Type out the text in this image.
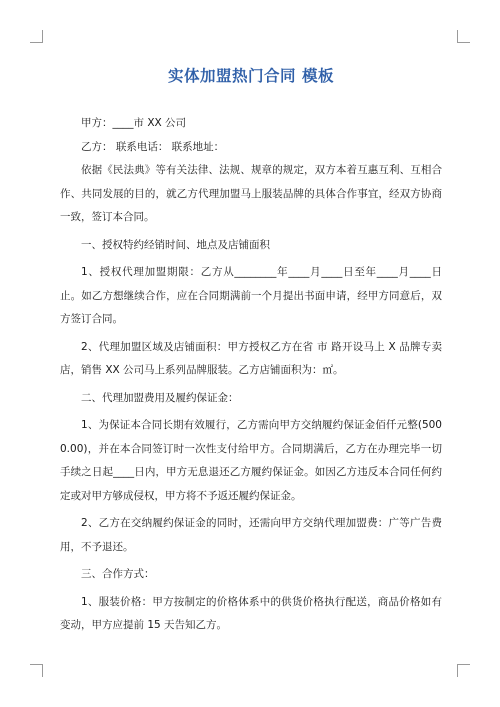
实体加盟热门合同 模板

甲方：____市 XX 公司

乙方： 联系电话： 联系地址：

依据《民法典》等有关法律、法规、规章的规定，双方本着互惠互利、互相合作、共同发展的目的，就乙方代理加盟马上服装品牌的具体合作事宜，经双方协商一致，签订本合同。

一、授权特约经销时间、地点及店铺面积

1、授权代理加盟期限：乙方从________年____月____日至年____月____日止。如乙方想继续合作，应在合同期满前一个月提出书面申请，经甲方同意后，双方签订合同。

2、代理加盟区域及店铺面积：甲方授权乙方在省 市 路开设马上 X 品牌专卖店，销售 XX 公司马上系列品牌服装。乙方店铺面积为：㎡。

二、代理加盟费用及履约保证金：

1、为保证本合同长期有效履行，乙方需向甲方交纳履约保证金佰仟元整(5000.00)，并在本合同签订时一次性支付给甲方。合同期满后，乙方在办理完毕一切手续之日起____日内，甲方无息退还乙方履约保证金。如因乙方违反本合同任何约定或对甲方够成侵权，甲方将不予返还履约保证金。

2、乙方在交纳履约保证金的同时，还需向甲方交纳代理加盟费：广等广告费用，不予退还。

三、合作方式：

1、服装价格：甲方按制定的价格体系中的供货价格执行配送，商品价格如有变动，甲方应提前 15 天告知乙方。
